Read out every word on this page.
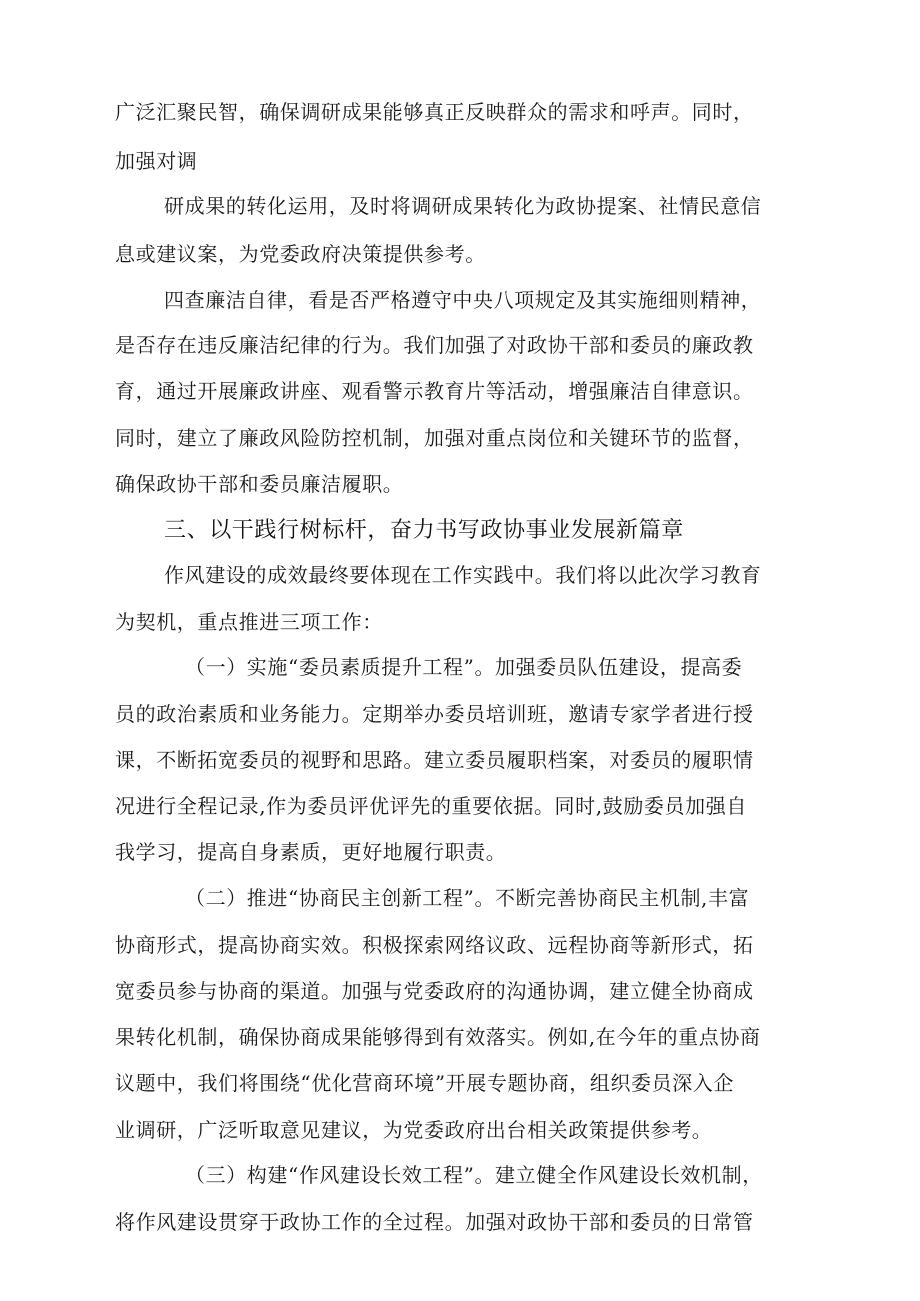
广泛汇聚民智，确保调研成果能够真正反映群众的需求和呼声。同时，
加强对调
研成果的转化运用，及时将调研成果转化为政协提案、社情民意信
息或建议案，为党委政府决策提供参考。
四查廉洁自律，看是否严格遵守中央八项规定及其实施细则精神，
是否存在违反廉洁纪律的行为。我们加强了对政协干部和委员的廉政教
育，通过开展廉政讲座、观看警示教育片等活动，增强廉洁自律意识。
同时，建立了廉政风险防控机制，加强对重点岗位和关键环节的监督，
确保政协干部和委员廉洁履职。
三、以干践行树标杆，奋力书写政协事业发展新篇章
作风建设的成效最终要体现在工作实践中。我们将以此次学习教育
为契机，重点推进三项工作：
（一）实施“委员素质提升工程”。加强委员队伍建设，提高委
员的政治素质和业务能力。定期举办委员培训班，邀请专家学者进行授
课，不断拓宽委员的视野和思路。建立委员履职档案，对委员的履职情
况进行全程记录,作为委员评优评先的重要依据。同时,鼓励委员加强自
我学习，提高自身素质，更好地履行职责。
（二）推进“协商民主创新工程”。不断完善协商民主机制,丰富
协商形式，提高协商实效。积极探索网络议政、远程协商等新形式，拓
宽委员参与协商的渠道。加强与党委政府的沟通协调，建立健全协商成
果转化机制，确保协商成果能够得到有效落实。例如,在今年的重点协商
议题中，我们将围绕“优化营商环境”开展专题协商，组织委员深入企
业调研，广泛听取意见建议，为党委政府出台相关政策提供参考。
（三）构建“作风建设长效工程”。建立健全作风建设长效机制，
将作风建设贯穿于政协工作的全过程。加强对政协干部和委员的日常管
